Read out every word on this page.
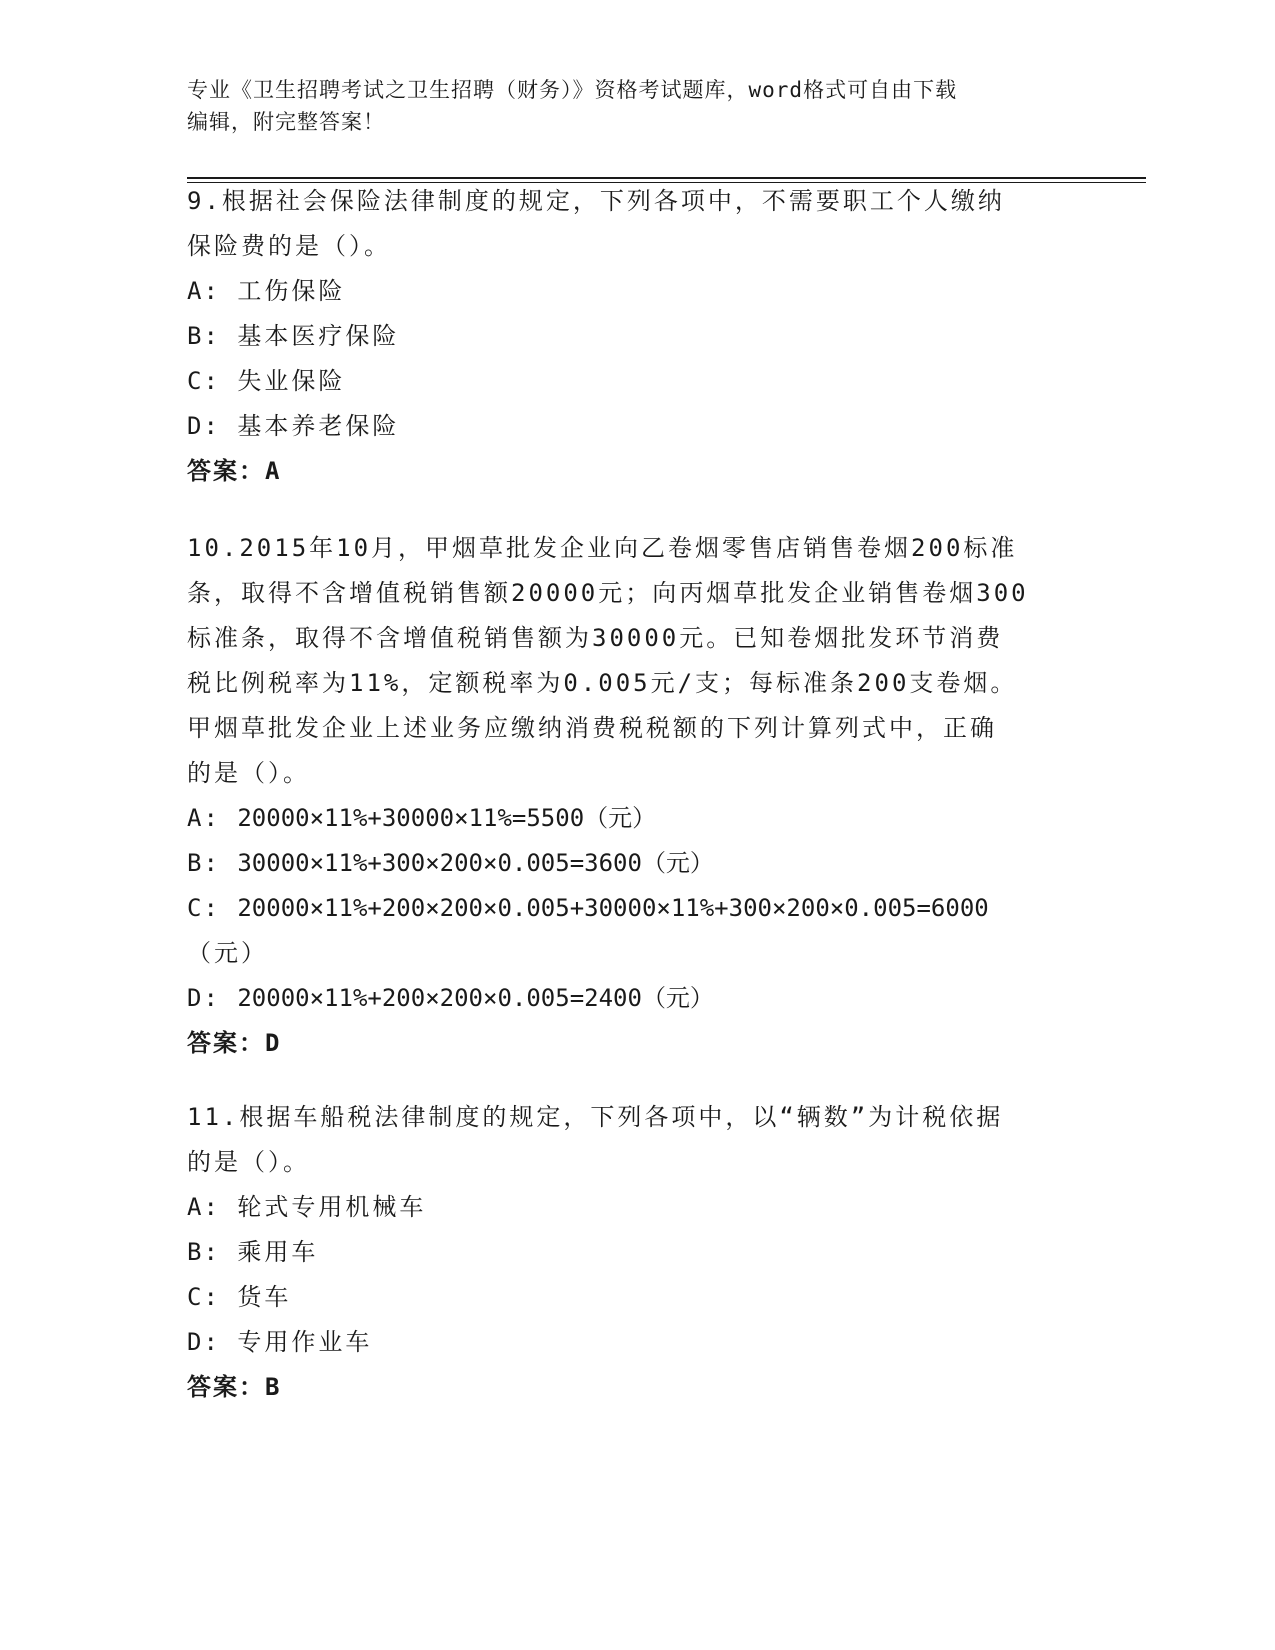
专业《卫生招聘考试之卫生招聘（财务）》资格考试题库，word格式可自由下载
编辑，附完整答案！
9.根据社会保险法律制度的规定，下列各项中，不需要职工个人缴纳
保险费的是（）。
A: 工伤保险
B: 基本医疗保险
C: 失业保险
D: 基本养老保险
答案：A
10.2015年10月，甲烟草批发企业向乙卷烟零售店销售卷烟200标准
条，取得不含增值税销售额20000元；向丙烟草批发企业销售卷烟300
标准条，取得不含增值税销售额为30000元。已知卷烟批发环节消费
税比例税率为11%，定额税率为0.005元/支；每标准条200支卷烟。
甲烟草批发企业上述业务应缴纳消费税税额的下列计算列式中，正确
的是（）。
A: 20000×11%+30000×11%=5500（元）
B: 30000×11%+300×200×0.005=3600（元）
C: 20000×11%+200×200×0.005+30000×11%+300×200×0.005=6000
（元）
D: 20000×11%+200×200×0.005=2400（元）
答案：D
11.根据车船税法律制度的规定，下列各项中，以“辆数”为计税依据
的是（）。
A: 轮式专用机械车
B: 乘用车
C: 货车
D: 专用作业车
答案：B
